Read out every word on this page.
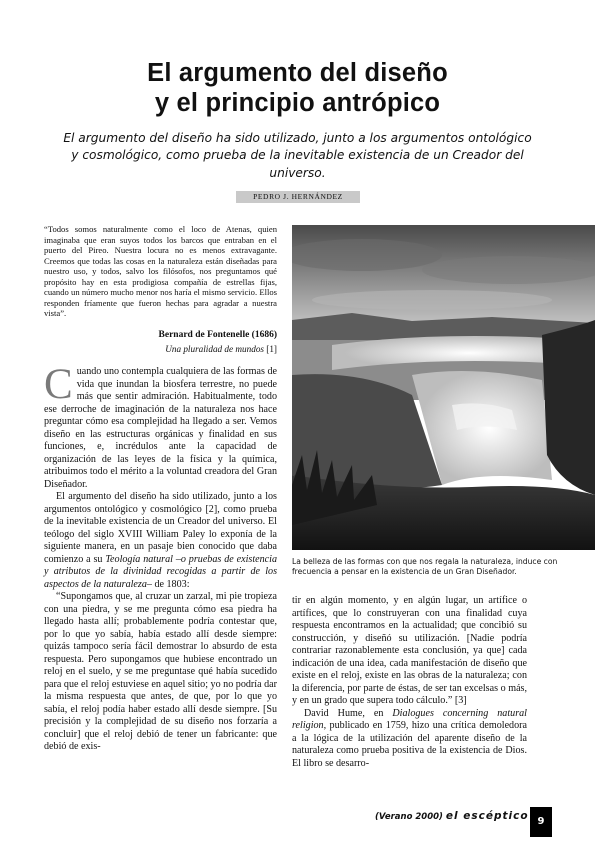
El argumento del diseño
y el principio antrópico
El argumento del diseño ha sido utilizado, junto a los argumentos ontológico y cosmológico, como prueba de la inevitable existencia de un Creador del universo.
PEDRO J. HERNÁNDEZ
“Todos somos naturalmente como el loco de Atenas, quien imaginaba que eran suyos todos los barcos que entraban en el puerto del Pireo. Nuestra locura no es menos extravagante. Creemos que todas las cosas en la naturaleza están diseñadas para nuestro uso, y todos, salvo los filósofos, nos preguntamos qué propósito hay en esta prodigiosa compañía de estrellas fijas, cuando un número mucho menor nos haría el mismo servicio. Ellos responden fríamente que fueron hechas para agradar a nuestra vista”.
Bernard de Fontenelle (1686)
Una pluralidad de mundos [1]

Cuando uno contempla cualquiera de las formas de vida que inundan la biosfera terrestre, no puede más que sentir admiración. Habitualmente, todo ese derroche de imaginación de la naturaleza nos hace preguntar cómo esa complejidad ha llegado a ser. Vemos diseño en las estructuras orgánicas y finalidad en sus funciones, e, incrédulos ante la capacidad de organización de las leyes de la física y la química, atribuimos todo el mérito a la voluntad creadora del Gran Diseñador.

El argumento del diseño ha sido utilizado, junto a los argumentos ontológico y cosmológico [2], como prueba de la inevitable existencia de un Creador del universo. El teólogo del siglo XVIII William Paley lo exponía de la siguiente manera, en un pasaje bien conocido que daba comienzo a su Teología natural –o pruebas de existencia y atributos de la divinidad recogidas a partir de los aspectos de la naturaleza– de 1803:

“Supongamos que, al cruzar un zarzal, mi pie tropieza con una piedra, y se me pregunta cómo esa piedra ha llegado hasta allí; probablemente podría contestar que, por lo que yo sabía, había estado allí desde siempre: quizás tampoco sería fácil demostrar lo absurdo de esta respuesta. Pero supongamos que hubiese encontrado un reloj en el suelo, y se me preguntase qué había sucedido para que el reloj estuviese en aquel sitio; yo no podría dar la misma respuesta que antes, de que, por lo que yo sabía, el reloj podía haber estado allí desde siempre. [Su precisión y la complejidad de su diseño nos forzaría a concluir] que el reloj debió de tener un fabricante: que debió de exis-

La belleza de las formas con que nos regala la naturaleza, induce con frecuencia a pensar en la existencia de un Gran Diseñador.

tir en algún momento, y en algún lugar, un artífice o artífices, que lo construyeran con una finalidad cuya respuesta encontramos en la actualidad; que concibió su construcción, y diseñó su utilización. [Nadie podría contrariar razonablemente esta conclusión, ya que] cada indicación de una idea, cada manifestación de diseño que existe en el reloj, existe en las obras de la naturaleza; con la diferencia, por parte de éstas, de ser tan excelsas o más, y en un grado que supera todo cálculo.” [3]

David Hume, en Dialogues concerning natural religion, publicado en 1759, hizo una crítica demoledora a la lógica de la utilización del aparente diseño de la naturaleza como prueba positiva de la existencia de Dios. El libro se desarro-

(Verano 2000) el escéptico 9
